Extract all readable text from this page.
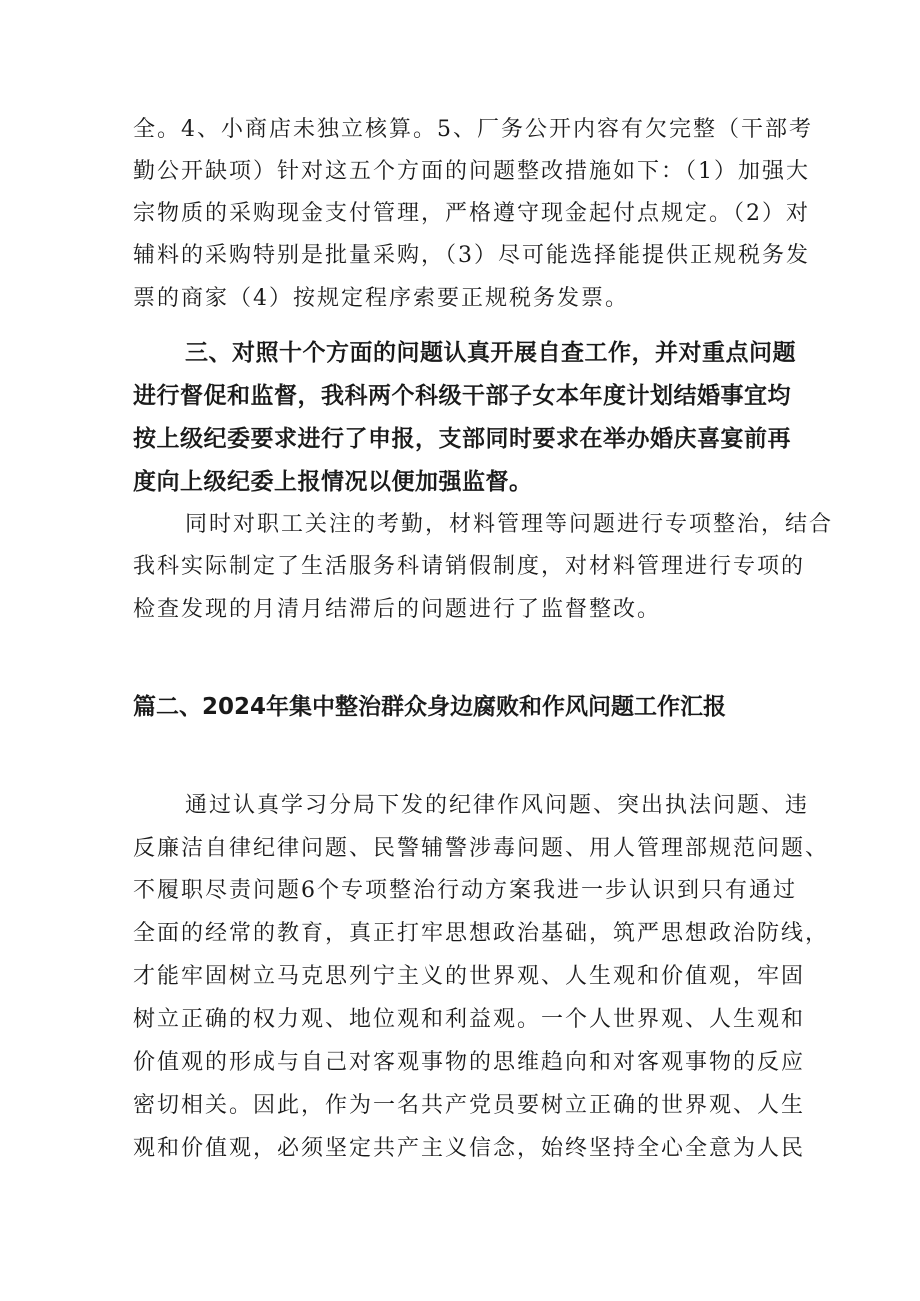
全。4、小商店未独立核算。5、厂务公开内容有欠完整（干部考
勤公开缺项）针对这五个方面的问题整改措施如下：（1）加强大
宗物质的采购现金支付管理，严格遵守现金起付点规定。（2）对
辅料的采购特别是批量采购，（3）尽可能选择能提供正规税务发
票的商家（4）按规定程序索要正规税务发票。
三、对照十个方面的问题认真开展自查工作，并对重点问题
进行督促和监督，我科两个科级干部子女本年度计划结婚事宜均
按上级纪委要求进行了申报，支部同时要求在举办婚庆喜宴前再
度向上级纪委上报情况以便加强监督。
同时对职工关注的考勤，材料管理等问题进行专项整治，结合
我科实际制定了生活服务科请销假制度，对材料管理进行专项的
检查发现的月清月结滞后的问题进行了监督整改。
篇二、2024年集中整治群众身边腐败和作风问题工作汇报
通过认真学习分局下发的纪律作风问题、突出执法问题、违
反廉洁自律纪律问题、民警辅警涉毒问题、用人管理部规范问题、
不履职尽责问题6个专项整治行动方案我进一步认识到只有通过
全面的经常的教育，真正打牢思想政治基础，筑严思想政治防线，
才能牢固树立马克思列宁主义的世界观、人生观和价值观，牢固
树立正确的权力观、地位观和利益观。一个人世界观、人生观和
价值观的形成与自己对客观事物的思维趋向和对客观事物的反应
密切相关。因此，作为一名共产党员要树立正确的世界观、人生
观和价值观，必须坚定共产主义信念，始终坚持全心全意为人民
